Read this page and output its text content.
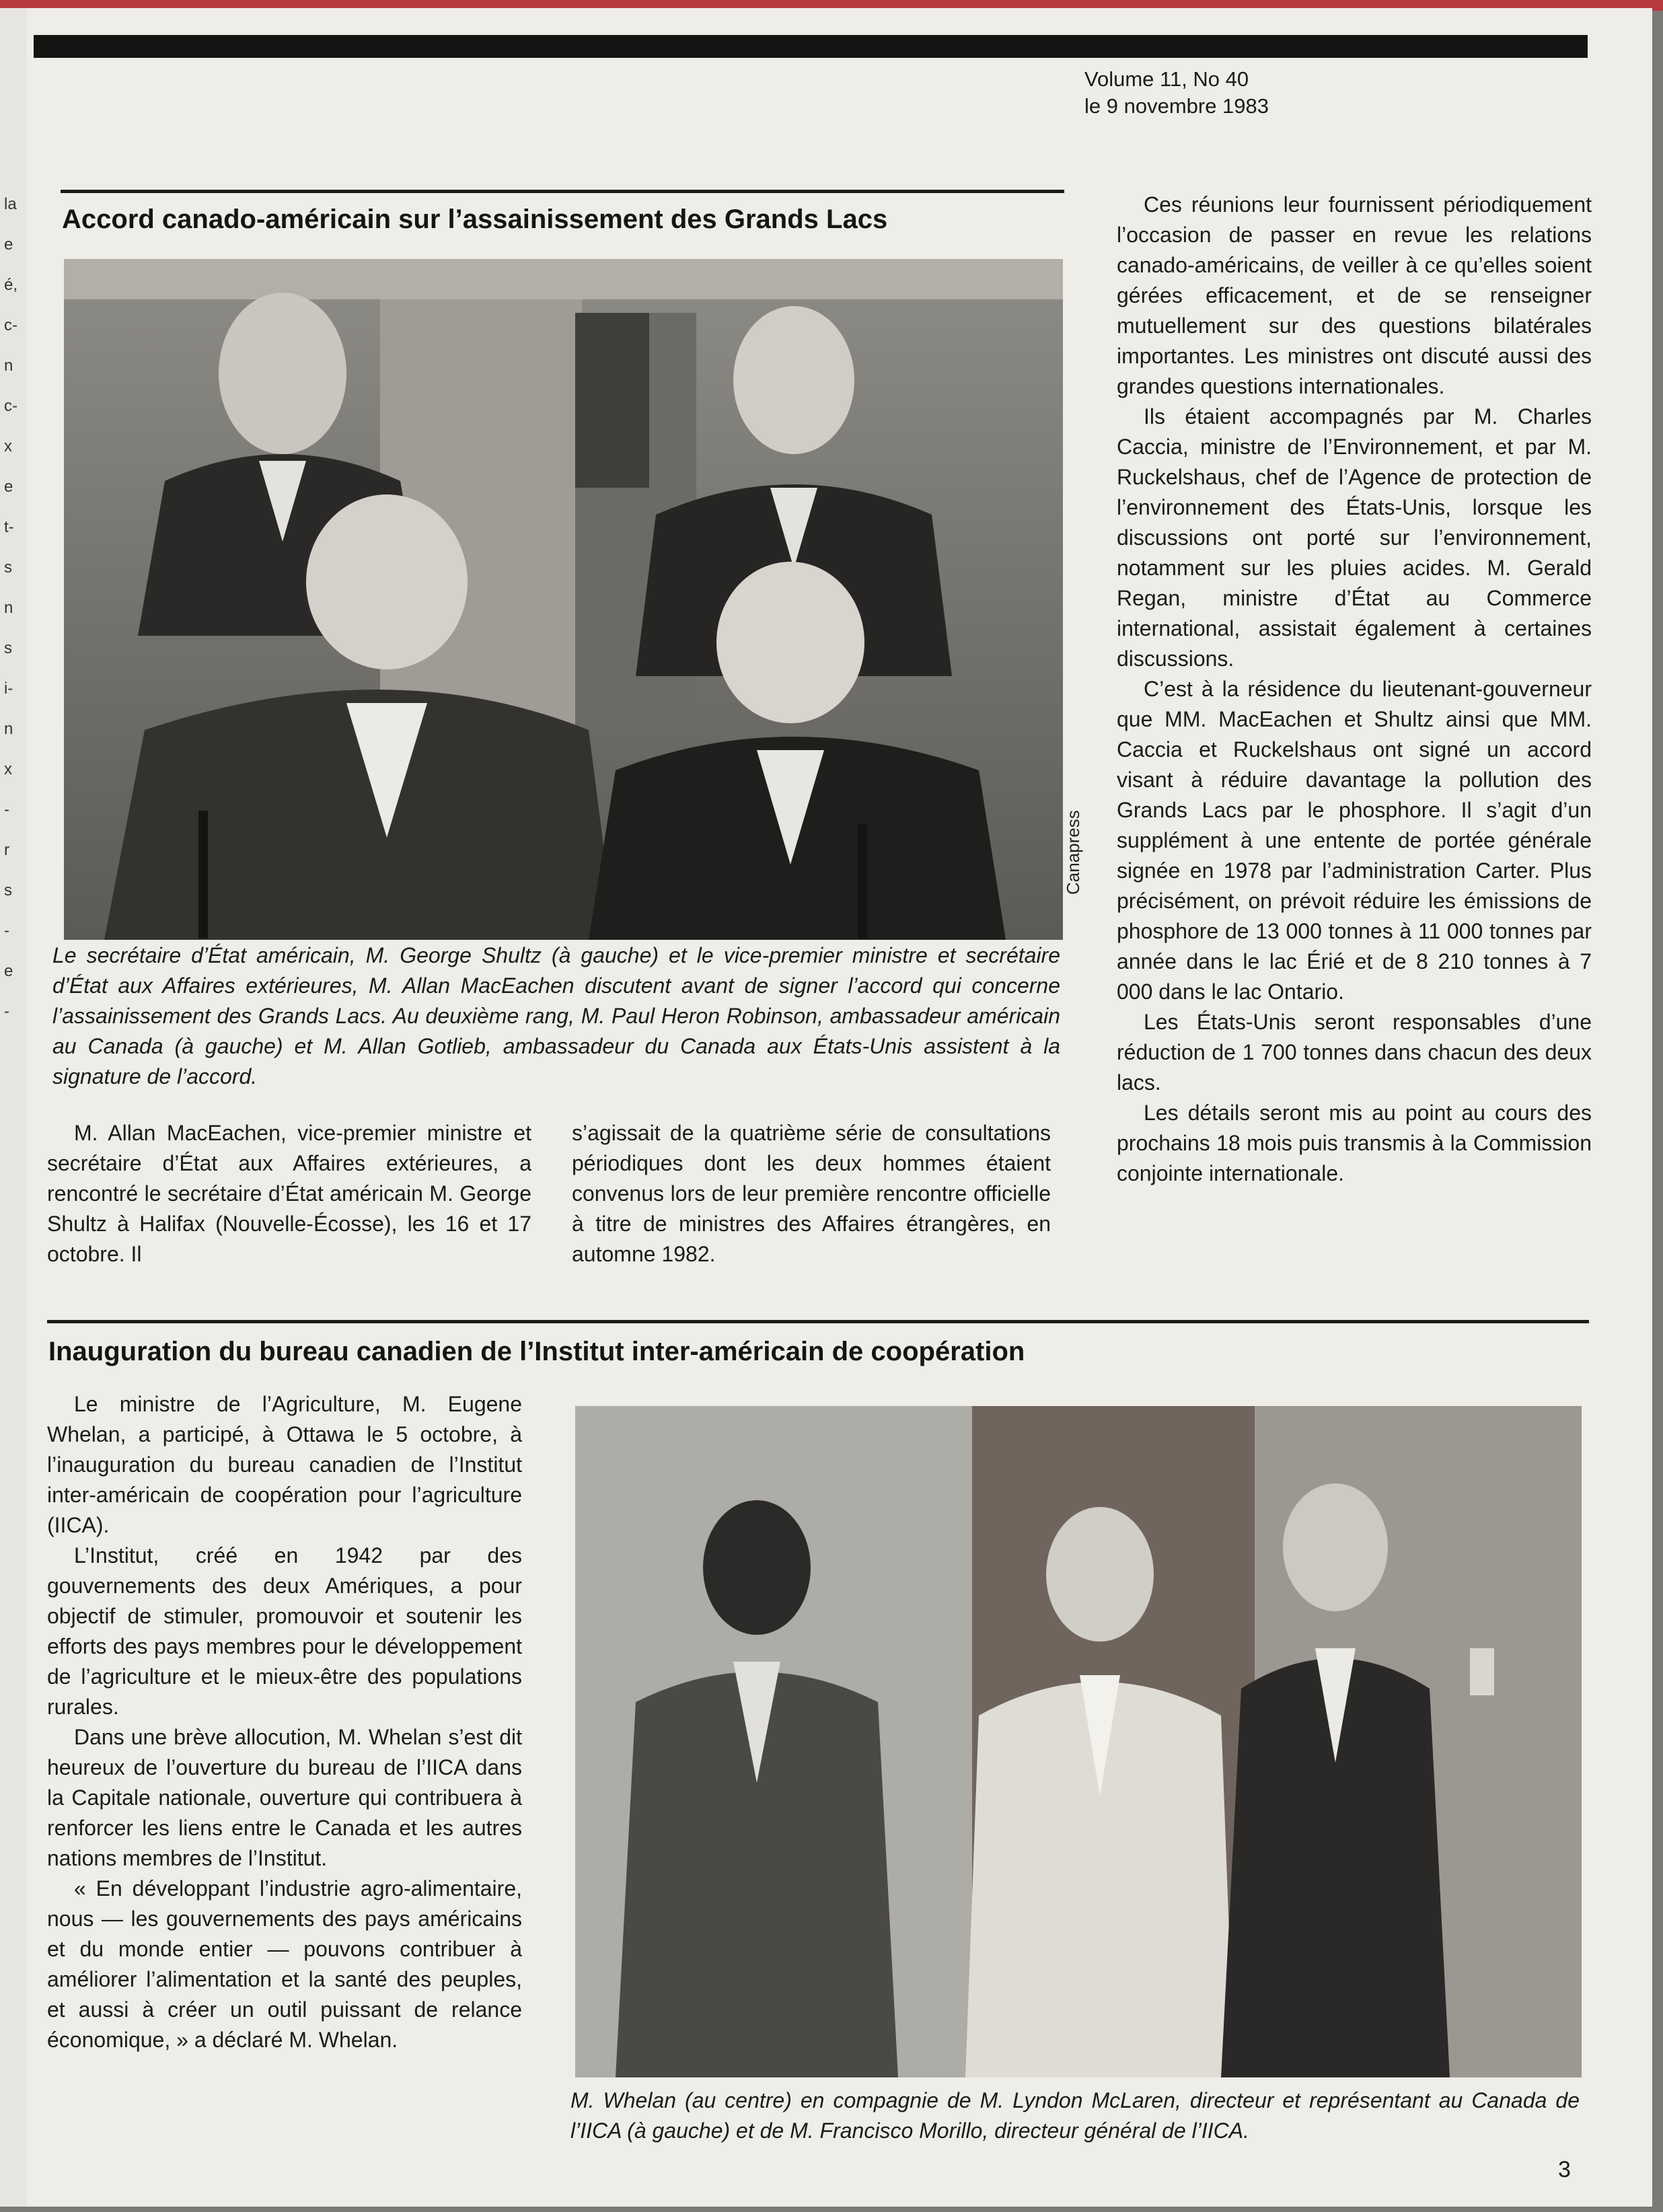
la
e
é,
c-
n
c-
x
e
t-
s
n
s
i-
n
x
-
r
s
-
e
-
Volume 11, No 40
le 9 novembre 1983
Accord canado-américain sur l’assainissement des Grands Lacs
Canapress
Le secrétaire d’État américain, M. George Shultz (à gauche) et le vice-premier ministre et secrétaire d’État aux Affaires extérieures, M. Allan MacEachen discutent avant de signer l’accord qui concerne l’assainissement des Grands Lacs. Au deuxième rang, M. Paul Heron Robinson, ambassadeur américain au Canada (à gauche) et M. Allan Gotlieb, ambassadeur du Canada aux États-Unis assistent à la signature de l’accord.

M. Allan MacEachen, vice-premier ministre et secrétaire d’État aux Affaires extérieures, a rencontré le secrétaire d’État américain M. George Shultz à Halifax (Nouvelle-Écosse), les 16 et 17 octobre. Il

s’agissait de la quatrième série de consultations périodiques dont les deux hommes étaient convenus lors de leur première rencontre officielle à titre de ministres des Affaires étrangères, en automne 1982.

Ces réunions leur fournissent périodiquement l’occasion de passer en revue les relations canado-américains, de veiller à ce qu’elles soient gérées efficacement, et de se renseigner mutuellement sur des questions bilatérales importantes. Les ministres ont discuté aussi des grandes questions internationales.

Ils étaient accompagnés par M. Charles Caccia, ministre de l’Environnement, et par M. Ruckelshaus, chef de l’Agence de protection de l’environnement des États-Unis, lorsque les discussions ont porté sur l’environnement, notamment sur les pluies acides. M. Gerald Regan, ministre d’État au Commerce international, assistait également à certaines discussions.

C’est à la résidence du lieutenant-gouverneur que MM. MacEachen et Shultz ainsi que MM. Caccia et Ruckelshaus ont signé un accord visant à réduire davantage la pollution des Grands Lacs par le phosphore. Il s’agit d’un supplément à une entente de portée générale signée en 1978 par l’administration Carter. Plus précisément, on prévoit réduire les émissions de phosphore de 13 000 tonnes à 11 000 tonnes par année dans le lac Érié et de 8 210 tonnes à 7 000 dans le lac Ontario.

Les États-Unis seront responsables d’une réduction de 1 700 tonnes dans chacun des deux lacs.

Les détails seront mis au point au cours des prochains 18 mois puis transmis à la Commission conjointe internationale.

Inauguration du bureau canadien de l’Institut inter-américain de coopération

Le ministre de l’Agriculture, M. Eugene Whelan, a participé, à Ottawa le 5 octobre, à l’inauguration du bureau canadien de l’Institut inter-américain de coopération pour l’agriculture (IICA).

L’Institut, créé en 1942 par des gouvernements des deux Amériques, a pour objectif de stimuler, promouvoir et soutenir les efforts des pays membres pour le développement de l’agriculture et le mieux-être des populations rurales.

Dans une brève allocution, M. Whelan s’est dit heureux de l’ouverture du bureau de l’IICA dans la Capitale nationale, ouverture qui contribuera à renforcer les liens entre le Canada et les autres nations membres de l’Institut.

« En développant l’industrie agro-alimentaire, nous — les gouvernements des pays américains et du monde entier — pouvons contribuer à améliorer l’alimentation et la santé des peuples, et aussi à créer un outil puissant de relance économique, » a déclaré M. Whelan.

M. Whelan (au centre) en compagnie de M. Lyndon McLaren, directeur et représentant au Canada de l’IICA (à gauche) et de M. Francisco Morillo, directeur général de l’IICA.
3
